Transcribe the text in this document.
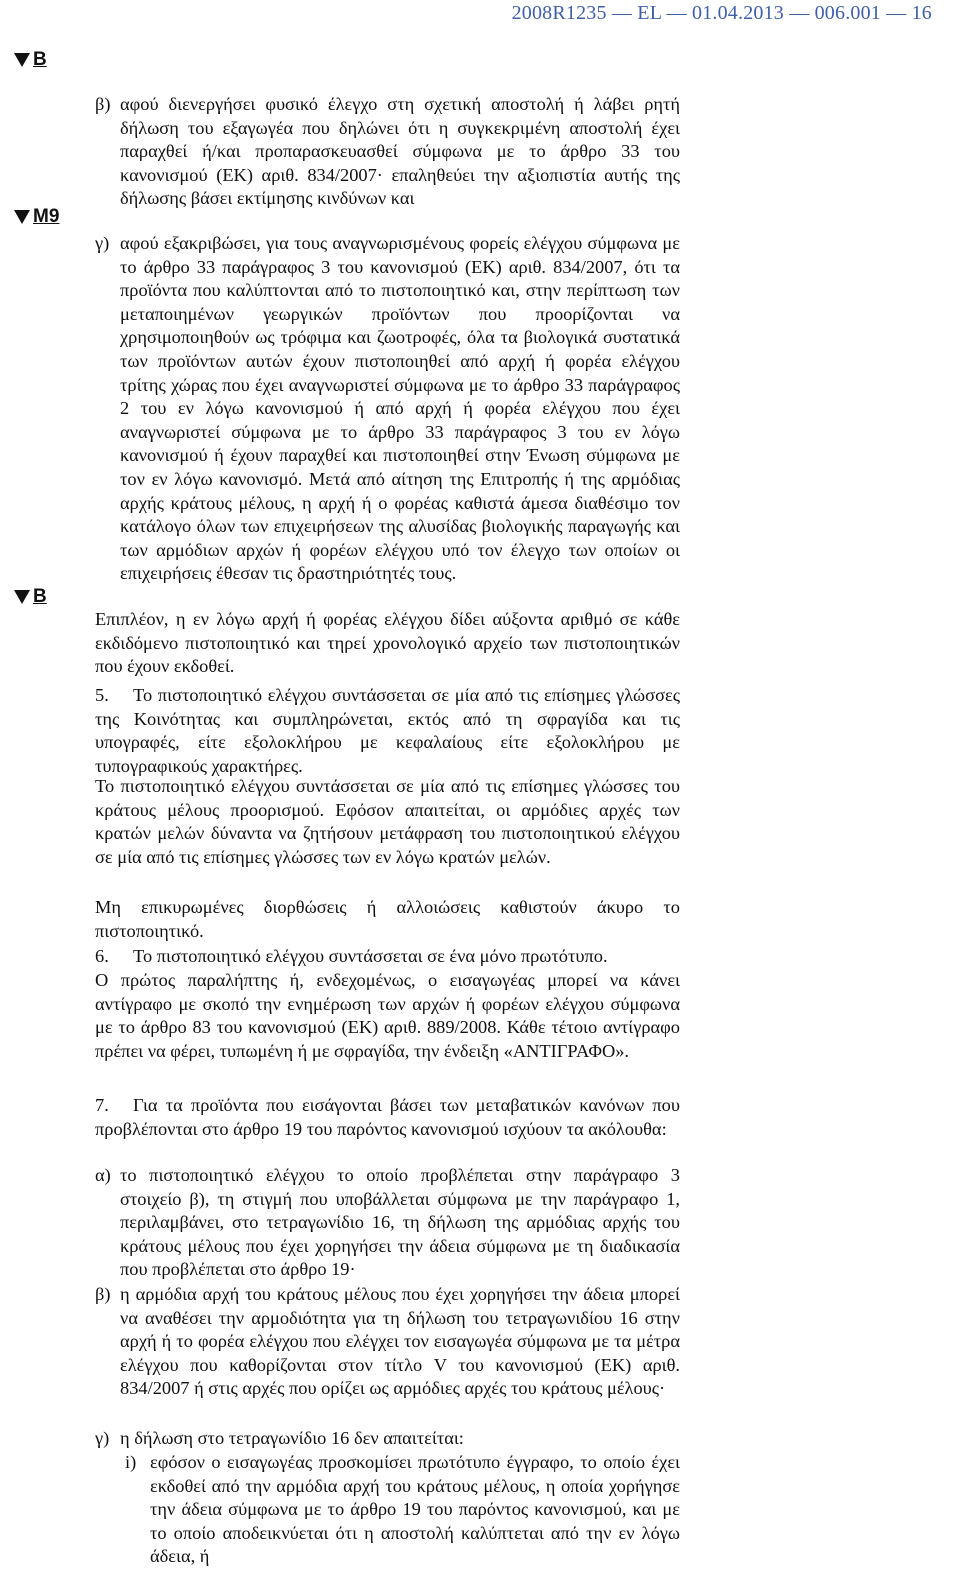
2008R1235 — EL — 01.04.2013 — 006.001 — 16
B
M9
B
β) αφού διενεργήσει φυσικό έλεγχο στη σχετική αποστολή ή λάβει ρητή δήλωση του εξαγωγέα που δηλώνει ότι η συγκεκριμένη αποστολή έχει παραχθεί ή/και προπαρασκευασθεί σύμφωνα με το άρθρο 33 του κανονισμού (ΕΚ) αριθ. 834/2007· επαληθεύει την αξιοπιστία αυτής της δήλωσης βάσει εκτίμησης κινδύνων και
γ) αφού εξακριβώσει, για τους αναγνωρισμένους φορείς ελέγχου σύμφωνα με το άρθρο 33 παράγραφος 3 του κανονισμού (ΕΚ) αριθ. 834/2007, ότι τα προϊόντα που καλύπτονται από το πιστοποιητικό και, στην περίπτωση των μεταποιημένων γεωργικών προϊόντων που προορίζονται να χρησιμοποιηθούν ως τρόφιμα και ζωοτροφές, όλα τα βιολογικά συστατικά των προϊόντων αυτών έχουν πιστοποιηθεί από αρχή ή φορέα ελέγχου τρίτης χώρας που έχει αναγνωριστεί σύμφωνα με το άρθρο 33 παράγραφος 2 του εν λόγω κανονισμού ή από αρχή ή φορέα ελέγχου που έχει αναγνωριστεί σύμφωνα με το άρθρο 33 παράγραφος 3 του εν λόγω κανονισμού ή έχουν παραχθεί και πιστοποιηθεί στην Ένωση σύμφωνα με τον εν λόγω κανονισμό. Μετά από αίτηση της Επιτροπής ή της αρμόδιας αρχής κράτους μέλους, η αρχή ή ο φορέας καθιστά άμεσα διαθέσιμο τον κατάλογο όλων των επιχειρήσεων της αλυσίδας βιολογικής παραγωγής και των αρμόδιων αρχών ή φορέων ελέγχου υπό τον έλεγχο των οποίων οι επιχειρήσεις έθεσαν τις δραστηριότητές τους.
Επιπλέον, η εν λόγω αρχή ή φορέας ελέγχου δίδει αύξοντα αριθμό σε κάθε εκδιδόμενο πιστοποιητικό και τηρεί χρονολογικό αρχείο των πιστοποιητικών που έχουν εκδοθεί.
5. Το πιστοποιητικό ελέγχου συντάσσεται σε μία από τις επίσημες γλώσσες της Κοινότητας και συμπληρώνεται, εκτός από τη σφραγίδα και τις υπογραφές, είτε εξολοκλήρου με κεφαλαίους είτε εξολοκλήρου με τυπογραφικούς χαρακτήρες.
Το πιστοποιητικό ελέγχου συντάσσεται σε μία από τις επίσημες γλώσσες του κράτους μέλους προορισμού. Εφόσον απαιτείται, οι αρμόδιες αρχές των κρατών μελών δύναντα να ζητήσουν μετάφραση του πιστοποιητικού ελέγχου σε μία από τις επίσημες γλώσσες των εν λόγω κρατών μελών.
Μη επικυρωμένες διορθώσεις ή αλλοιώσεις καθιστούν άκυρο το πιστοποιητικό.
6. Το πιστοποιητικό ελέγχου συντάσσεται σε ένα μόνο πρωτότυπο.
Ο πρώτος παραλήπτης ή, ενδεχομένως, ο εισαγωγέας μπορεί να κάνει αντίγραφο με σκοπό την ενημέρωση των αρχών ή φορέων ελέγχου σύμφωνα με το άρθρο 83 του κανονισμού (ΕΚ) αριθ. 889/2008. Κάθε τέτοιο αντίγραφο πρέπει να φέρει, τυπωμένη ή με σφραγίδα, την ένδειξη «ΑΝΤΙΓΡΑΦΟ».
7. Για τα προϊόντα που εισάγονται βάσει των μεταβατικών κανόνων που προβλέπονται στο άρθρο 19 του παρόντος κανονισμού ισχύουν τα ακόλουθα:
α) το πιστοποιητικό ελέγχου το οποίο προβλέπεται στην παράγραφο 3 στοιχείο β), τη στιγμή που υποβάλλεται σύμφωνα με την παράγραφο 1, περιλαμβάνει, στο τετραγωνίδιο 16, τη δήλωση της αρμόδιας αρχής του κράτους μέλους που έχει χορηγήσει την άδεια σύμφωνα με τη διαδικασία που προβλέπεται στο άρθρο 19·
β) η αρμόδια αρχή του κράτους μέλους που έχει χορηγήσει την άδεια μπορεί να αναθέσει την αρμοδιότητα για τη δήλωση του τετραγωνιδίου 16 στην αρχή ή το φορέα ελέγχου που ελέγχει τον εισαγωγέα σύμφωνα με τα μέτρα ελέγχου που καθορίζονται στον τίτλο V του κανονισμού (ΕΚ) αριθ. 834/2007 ή στις αρχές που ορίζει ως αρμόδιες αρχές του κράτους μέλους·
γ) η δήλωση στο τετραγωνίδιο 16 δεν απαιτείται:
i) εφόσον ο εισαγωγέας προσκομίσει πρωτότυπο έγγραφο, το οποίο έχει εκδοθεί από την αρμόδια αρχή του κράτους μέλους, η οποία χορήγησε την άδεια σύμφωνα με το άρθρο 19 του παρόντος κανονισμού, και με το οποίο αποδεικνύεται ότι η αποστολή καλύπτεται από την εν λόγω άδεια, ή
